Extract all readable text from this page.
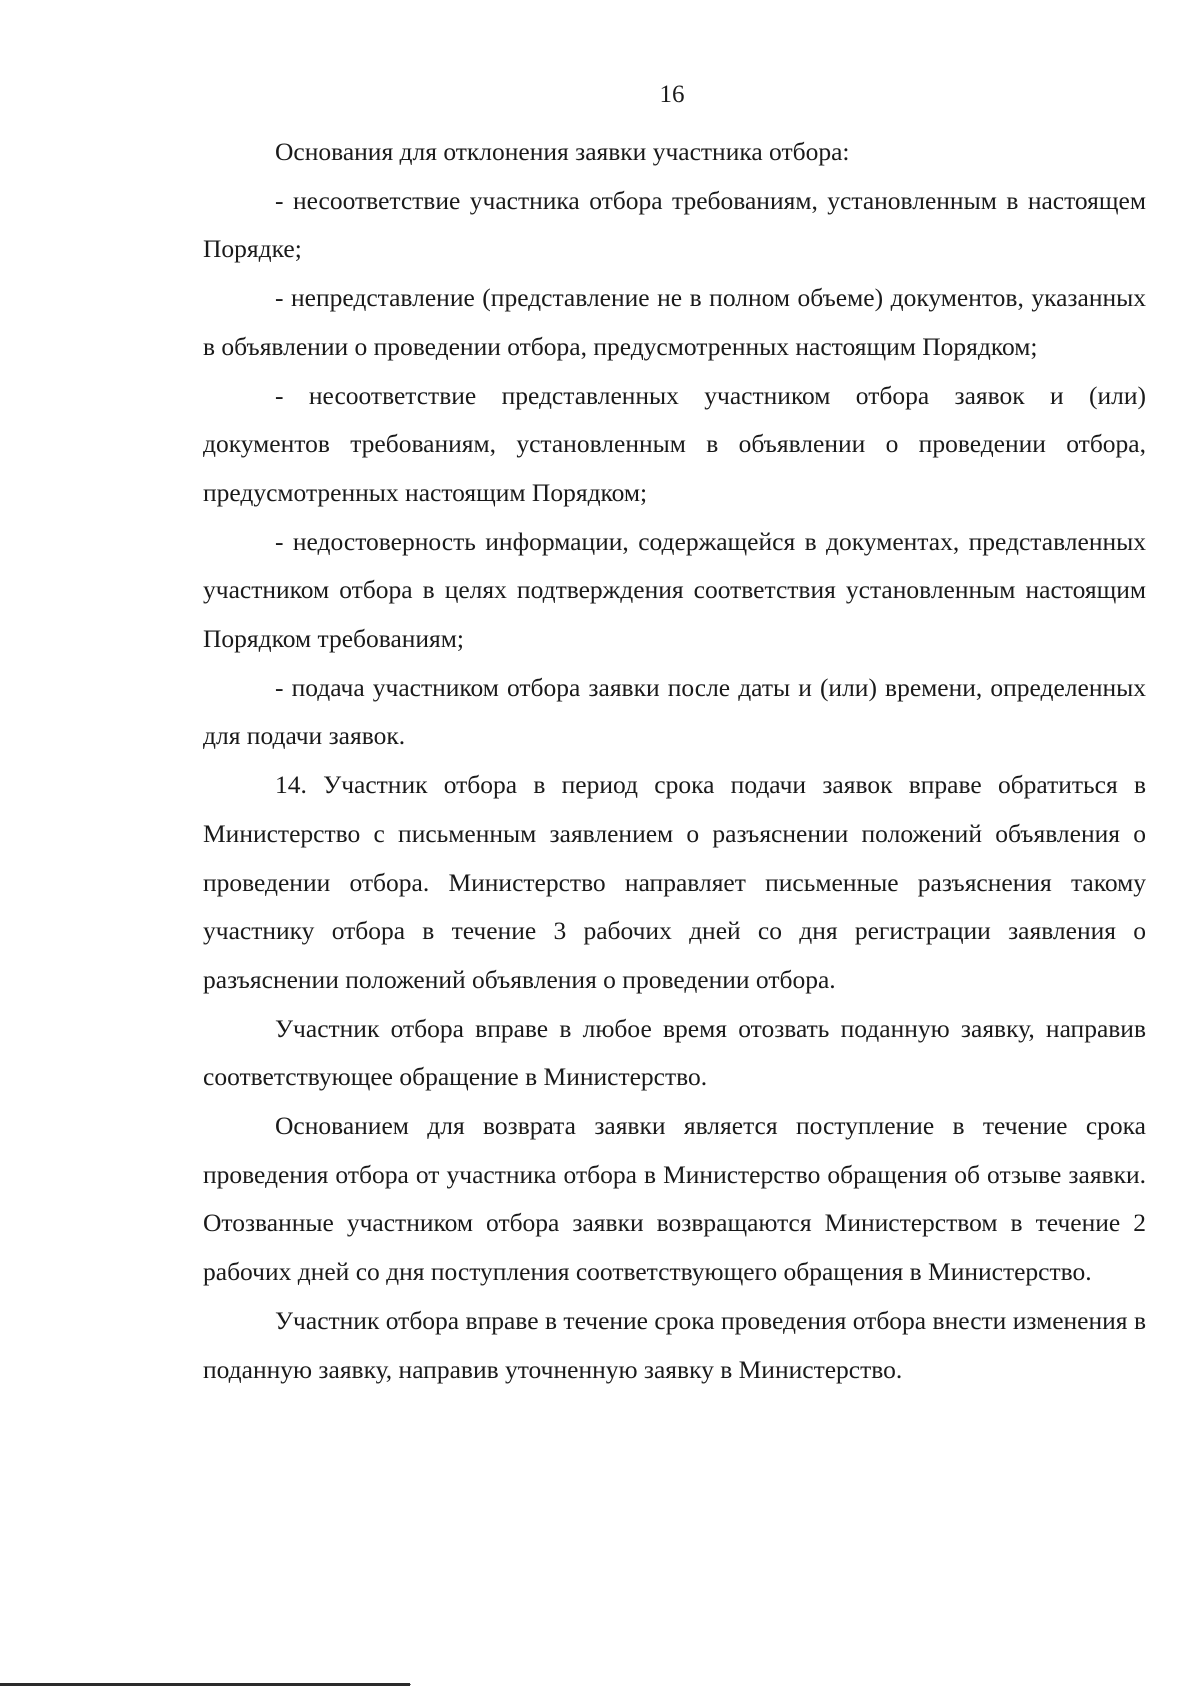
16

Основания для отклонения заявки участника отбора:

- несоответствие участника отбора требованиям, установленным в настоящем Порядке;

- непредставление (представление не в полном объеме) документов, указанных в объявлении о проведении отбора, предусмотренных настоящим Порядком;

- несоответствие представленных участником отбора заявок и (или) документов требованиям, установленным в объявлении о проведении отбора, предусмотренных настоящим Порядком;

- недостоверность информации, содержащейся в документах, представленных участником отбора в целях подтверждения соответствия установленным настоящим Порядком требованиям;

- подача участником отбора заявки после даты и (или) времени, определенных для подачи заявок.

14. Участник отбора в период срока подачи заявок вправе обратиться в Министерство с письменным заявлением о разъяснении положений объявления о проведении отбора. Министерство направляет письменные разъяснения такому участнику отбора в течение 3 рабочих дней со дня регистрации заявления о разъяснении положений объявления о проведении отбора.

Участник отбора вправе в любое время отозвать поданную заявку, направив соответствующее обращение в Министерство.

Основанием для возврата заявки является поступление в течение срока проведения отбора от участника отбора в Министерство обращения об отзыве заявки. Отозванные участником отбора заявки возвращаются Министерством в течение 2 рабочих дней со дня поступления соответствующего обращения в Министерство.

Участник отбора вправе в течение срока проведения отбора внести изменения в поданную заявку, направив уточненную заявку в Министерство.
